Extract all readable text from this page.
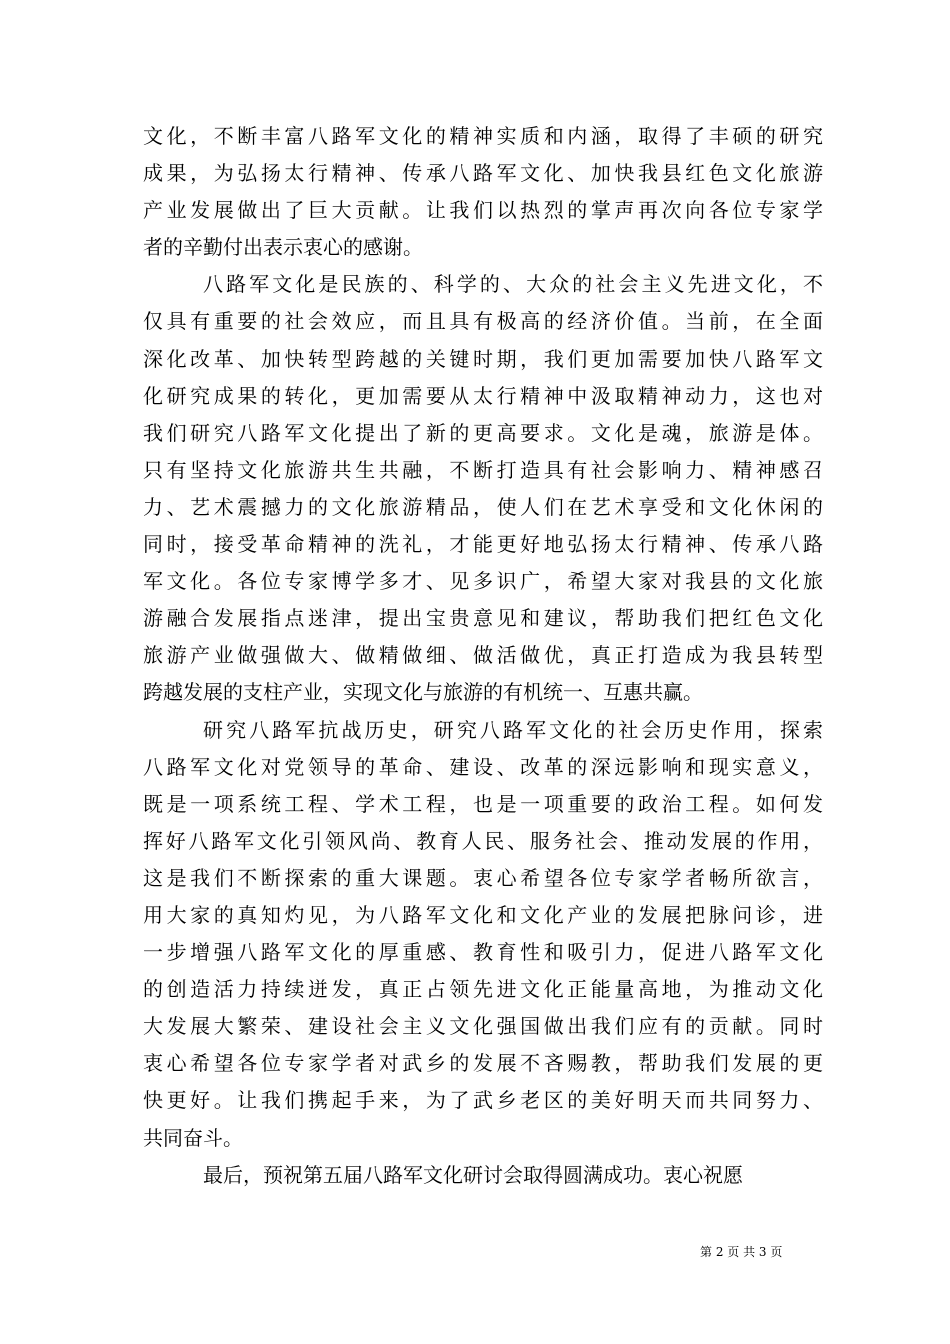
文化，不断丰富八路军文化的精神实质和内涵，取得了丰硕的研究
成果，为弘扬太行精神、传承八路军文化、加快我县红色文化旅游
产业发展做出了巨大贡献。让我们以热烈的掌声再次向各位专家学
者的辛勤付出表示衷心的感谢。
八路军文化是民族的、科学的、大众的社会主义先进文化，不
仅具有重要的社会效应，而且具有极高的经济价值。当前，在全面
深化改革、加快转型跨越的关键时期，我们更加需要加快八路军文
化研究成果的转化，更加需要从太行精神中汲取精神动力，这也对
我们研究八路军文化提出了新的更高要求。文化是魂，旅游是体。
只有坚持文化旅游共生共融，不断打造具有社会影响力、精神感召
力、艺术震撼力的文化旅游精品，使人们在艺术享受和文化休闲的
同时，接受革命精神的洗礼，才能更好地弘扬太行精神、传承八路
军文化。各位专家博学多才、见多识广，希望大家对我县的文化旅
游融合发展指点迷津，提出宝贵意见和建议，帮助我们把红色文化
旅游产业做强做大、做精做细、做活做优，真正打造成为我县转型
跨越发展的支柱产业，实现文化与旅游的有机统一、互惠共赢。
研究八路军抗战历史，研究八路军文化的社会历史作用，探索
八路军文化对党领导的革命、建设、改革的深远影响和现实意义，
既是一项系统工程、学术工程，也是一项重要的政治工程。如何发
挥好八路军文化引领风尚、教育人民、服务社会、推动发展的作用，
这是我们不断探索的重大课题。衷心希望各位专家学者畅所欲言，
用大家的真知灼见，为八路军文化和文化产业的发展把脉问诊，进
一步增强八路军文化的厚重感、教育性和吸引力，促进八路军文化
的创造活力持续迸发，真正占领先进文化正能量高地，为推动文化
大发展大繁荣、建设社会主义文化强国做出我们应有的贡献。同时
衷心希望各位专家学者对武乡的发展不吝赐教，帮助我们发展的更
快更好。让我们携起手来，为了武乡老区的美好明天而共同努力、
共同奋斗。
最后，预祝第五届八路军文化研讨会取得圆满成功。衷心祝愿
第 2 页 共 3 页
